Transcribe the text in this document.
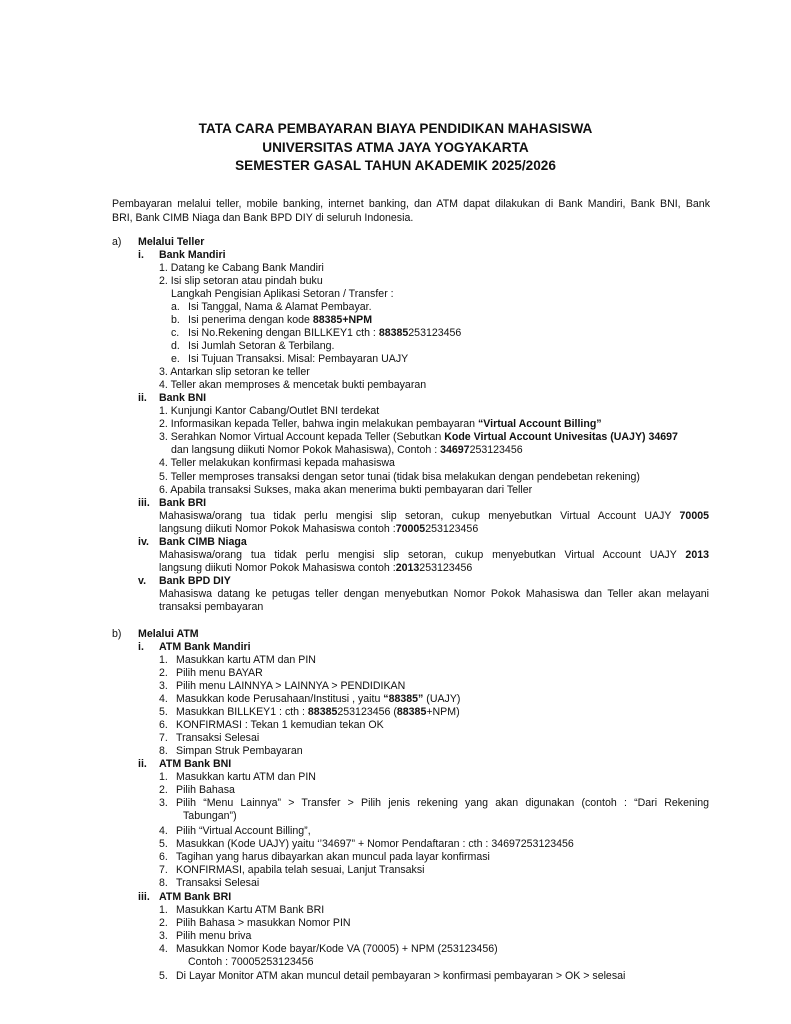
TATA CARA PEMBAYARAN BIAYA PENDIDIKAN MAHASISWA
UNIVERSITAS ATMA JAYA YOGYAKARTA
SEMESTER GASAL TAHUN AKADEMIK 2025/2026
Pembayaran melalui teller, mobile banking, internet banking, dan ATM dapat dilakukan di Bank Mandiri, Bank BNI, Bank
BRI, Bank CIMB Niaga dan Bank BPD DIY di seluruh Indonesia.
a) Melalui Teller
i. Bank Mandiri
1. Datang ke Cabang Bank Mandiri
2. Isi slip setoran atau pindah buku
Langkah Pengisian Aplikasi Setoran / Transfer :
a. Isi Tanggal, Nama & Alamat Pembayar.
b. Isi penerima dengan kode 88385+NPM
c. Isi No.Rekening dengan BILLKEY1 cth : 88385253123456
d. Isi Jumlah Setoran & Terbilang.
e. Isi Tujuan Transaksi. Misal: Pembayaran UAJY
3. Antarkan slip setoran ke teller
4. Teller akan memproses & mencetak bukti pembayaran
ii. Bank BNI
1. Kunjungi Kantor Cabang/Outlet BNI terdekat
2. Informasikan kepada Teller, bahwa ingin melakukan pembayaran “Virtual Account Billing”
3. Serahkan Nomor Virtual Account kepada Teller (Sebutkan Kode Virtual Account Univesitas (UAJY) 34697
dan langsung diikuti Nomor Pokok Mahasiswa), Contoh : 34697253123456
4. Teller melakukan konfirmasi kepada mahasiswa
5. Teller memproses transaksi dengan setor tunai (tidak bisa melakukan dengan pendebetan rekening)
6. Apabila transaksi Sukses, maka akan menerima bukti pembayaran dari Teller
iii. Bank BRI
Mahasiswa/orang tua tidak perlu mengisi slip setoran, cukup menyebutkan Virtual Account UAJY 70005
langsung diikuti Nomor Pokok Mahasiswa contoh :70005253123456
iv. Bank CIMB Niaga
Mahasiswa/orang tua tidak perlu mengisi slip setoran, cukup menyebutkan Virtual Account UAJY 2013
langsung diikuti Nomor Pokok Mahasiswa contoh :2013253123456
v. Bank BPD DIY
Mahasiswa datang ke petugas teller dengan menyebutkan Nomor Pokok Mahasiswa dan Teller akan melayani
transaksi pembayaran
b) Melalui ATM
i. ATM Bank Mandiri
1. Masukkan kartu ATM dan PIN
2. Pilih menu BAYAR
3. Pilih menu LAINNYA > LAINNYA > PENDIDIKAN
4. Masukkan kode Perusahaan/Institusi , yaitu “88385” (UAJY)
5. Masukkan BILLKEY1 : cth : 88385253123456 (88385+NPM)
6. KONFIRMASI : Tekan 1 kemudian tekan OK
7. Transaksi Selesai
8. Simpan Struk Pembayaran
ii. ATM Bank BNI
1. Masukkan kartu ATM dan PIN
2. Pilih Bahasa
3. Pilih “Menu Lainnya” > Transfer > Pilih jenis rekening yang akan digunakan (contoh : “Dari Rekening
Tabungan”)
4. Pilih “Virtual Account Billing”,
5. Masukkan (Kode UAJY) yaitu ‘’34697” + Nomor Pendaftaran : cth : 34697253123456
6. Tagihan yang harus dibayarkan akan muncul pada layar konfirmasi
7. KONFIRMASI, apabila telah sesuai, Lanjut Transaksi
8. Transaksi Selesai
iii. ATM Bank BRI
1. Masukkan Kartu ATM Bank BRI
2. Pilih Bahasa > masukkan Nomor PIN
3. Pilih menu briva
4. Masukkan Nomor Kode bayar/Kode VA (70005) + NPM (253123456)
Contoh : 70005253123456
5. Di Layar Monitor ATM akan muncul detail pembayaran > konfirmasi pembayaran > OK > selesai
